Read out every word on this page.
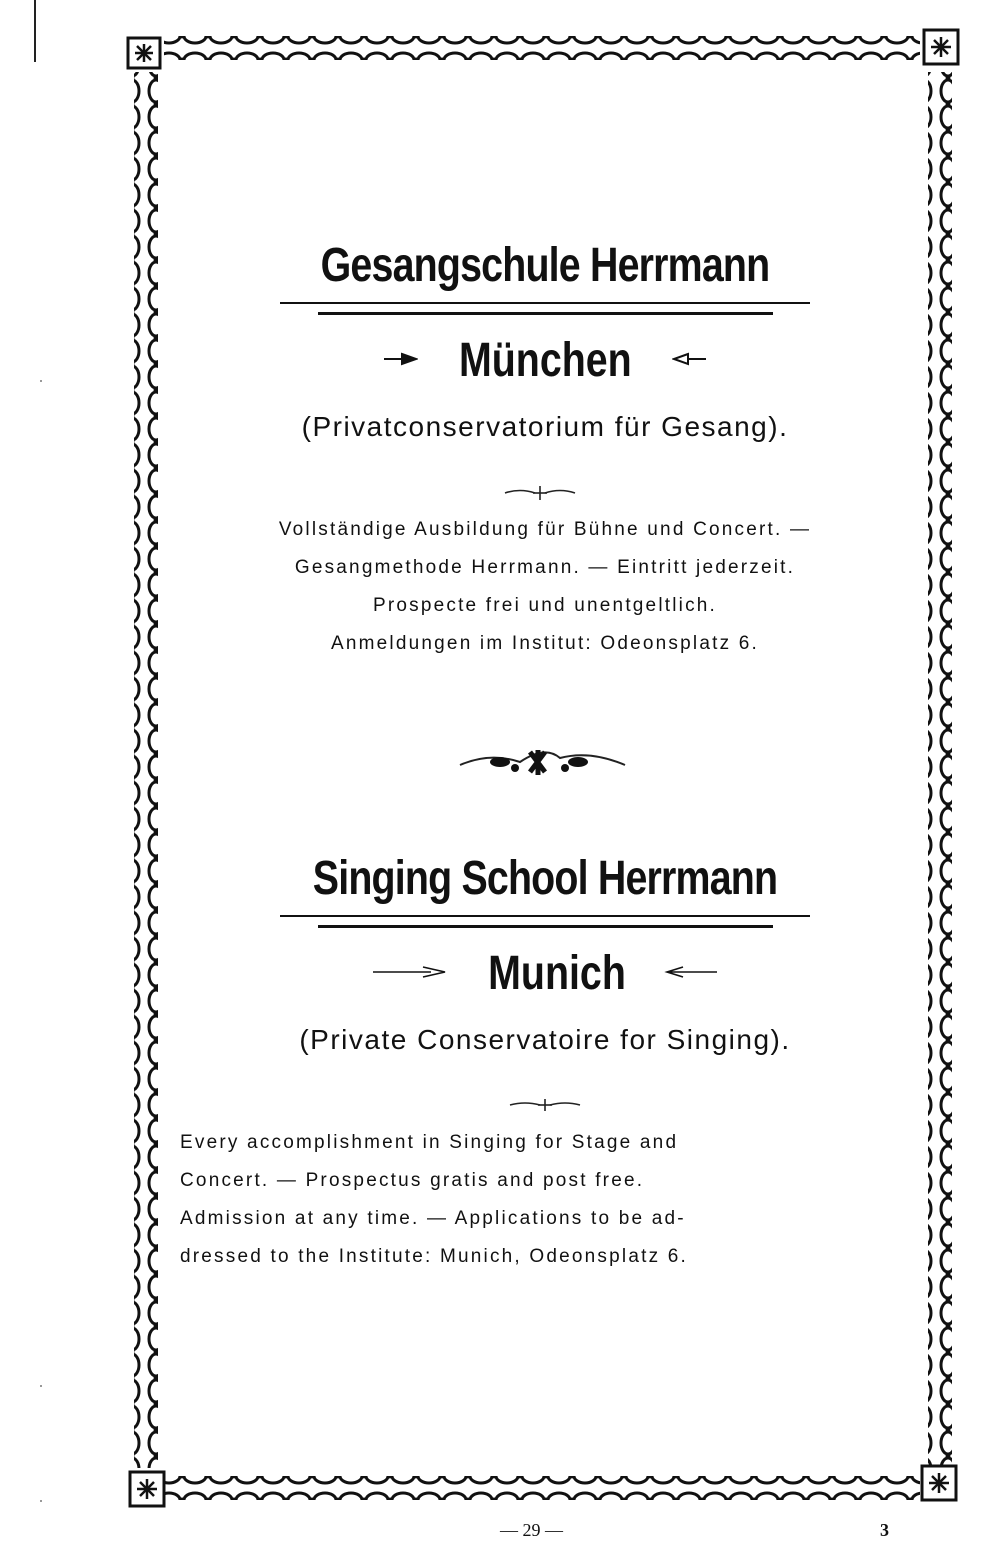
Gesangschule Herrmann
München

(Privatconservatorium für Gesang).

Vollständige Ausbildung für Bühne und Concert. —
Gesangmethode Herrmann. — Eintritt jederzeit.
Prospecte frei und unentgeltlich.
Anmeldungen im Institut: Odeonsplatz 6.
Singing School Herrmann
Munich

(Private Conservatoire for Singing).

Every accomplishment in Singing for Stage and
Concert. — Prospectus gratis and post free.
Admission at any time. — Applications to be ad-
dressed to the Institute: Munich, Odeonsplatz 6.
— 29 —	3
